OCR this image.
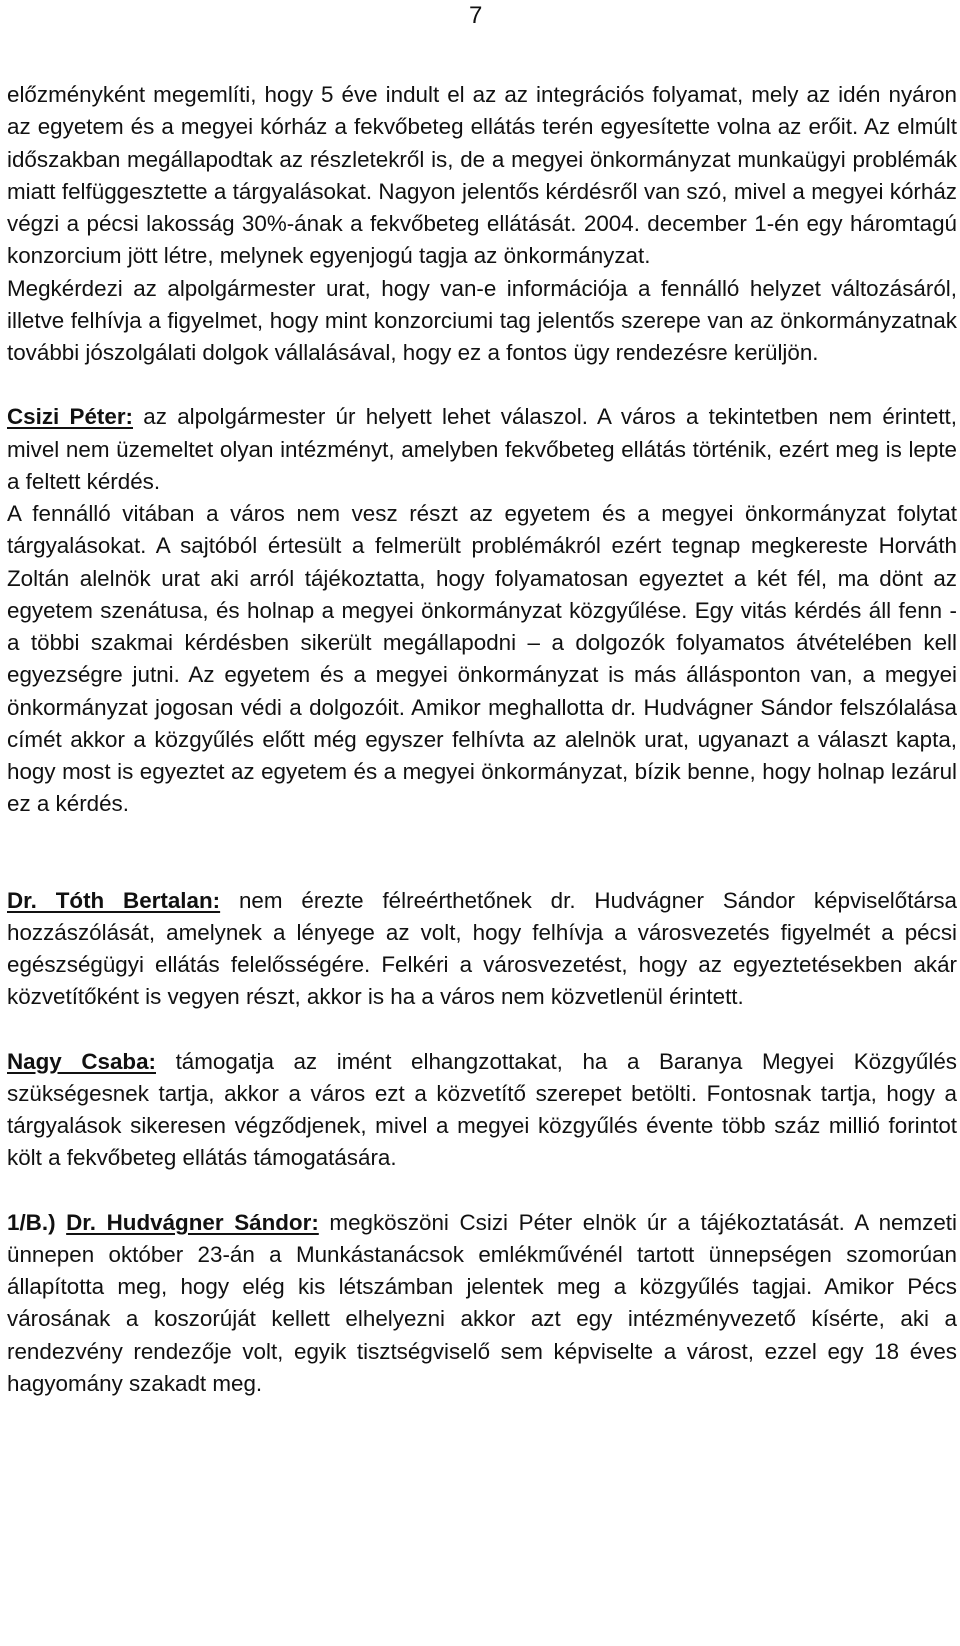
7

előzményként megemlíti, hogy 5 éve indult el az az integrációs folyamat, mely az idén nyáron az egyetem és a megyei kórház a fekvőbeteg ellátás terén egyesítette volna az erőit. Az elmúlt időszakban megállapodtak az részletekről is, de a megyei önkormányzat munkaügyi problémák miatt felfüggesztette a tárgyalásokat. Nagyon jelentős kérdésről van szó, mivel a megyei kórház végzi a pécsi lakosság 30%-ának a fekvőbeteg ellátását. 2004. december 1-én egy háromtagú konzorcium jött létre, melynek egyenjogú tagja az önkormányzat.

Megkérdezi az alpolgármester urat, hogy van-e információja a fennálló helyzet változásáról, illetve felhívja a figyelmet, hogy mint konzorciumi tag jelentős szerepe van az önkormányzatnak további jószolgálati dolgok vállalásával, hogy ez a fontos ügy rendezésre kerüljön.

Csizi Péter: az alpolgármester úr helyett lehet válaszol. A város a tekintetben nem érintett, mivel nem üzemeltet olyan intézményt, amelyben fekvőbeteg ellátás történik, ezért meg is lepte a feltett kérdés.

A fennálló vitában a város nem vesz részt az egyetem és a megyei önkormányzat folytat tárgyalásokat. A sajtóból értesült a felmerült problémákról ezért tegnap megkereste Horváth Zoltán alelnök urat aki arról tájékoztatta, hogy folyamatosan egyeztet a két fél, ma dönt az egyetem szenátusa, és holnap a megyei önkormányzat közgyűlése. Egy vitás kérdés áll fenn - a többi szakmai kérdésben sikerült megállapodni – a dolgozók folyamatos átvételében kell egyezségre jutni. Az egyetem és a megyei önkormányzat is más állásponton van, a megyei önkormányzat jogosan védi a dolgozóit. Amikor meghallotta dr. Hudvágner Sándor felszólalása címét akkor a közgyűlés előtt még egyszer felhívta az alelnök urat, ugyanazt a választ kapta, hogy most is egyeztet az egyetem és a megyei önkormányzat, bízik benne, hogy holnap lezárul ez a kérdés.

Dr. Tóth Bertalan: nem érezte félreérthetőnek dr. Hudvágner Sándor képviselőtársa hozzászólását, amelynek a lényege az volt, hogy felhívja a városvezetés figyelmét a pécsi egészségügyi ellátás felelősségére. Felkéri a városvezetést, hogy az egyeztetésekben akár közvetítőként is vegyen részt, akkor is ha a város nem közvetlenül érintett.

Nagy Csaba: támogatja az imént elhangzottakat, ha a Baranya Megyei Közgyűlés szükségesnek tartja, akkor a város ezt a közvetítő szerepet betölti. Fontosnak tartja, hogy a tárgyalások sikeresen végződjenek, mivel a megyei közgyűlés évente több száz millió forintot költ a fekvőbeteg ellátás támogatására.

1/B.) Dr. Hudvágner Sándor: megköszöni Csizi Péter elnök úr a tájékoztatását. A nemzeti ünnepen október 23-án a Munkástanácsok emlékművénél tartott ünnepségen szomorúan állapította meg, hogy elég kis létszámban jelentek meg a közgyűlés tagjai. Amikor Pécs városának a koszorúját kellett elhelyezni akkor azt egy intézményvezető kísérte, aki a rendezvény rendezője volt, egyik tisztségviselő sem képviselte a várost, ezzel egy 18 éves hagyomány szakadt meg.
